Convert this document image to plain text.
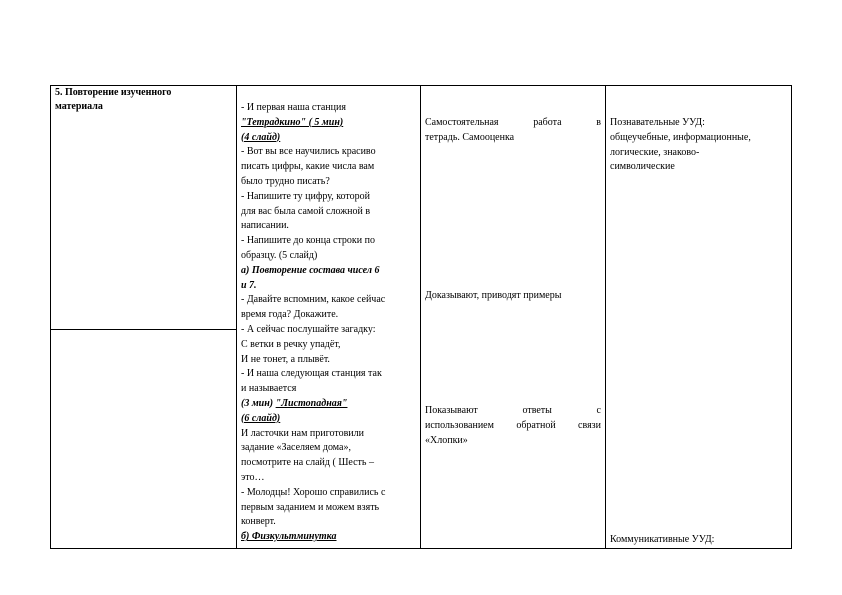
5. Повторение изученного

материала	- И первая наша станция

"Тетрадкино" ( 5 мин)

(4 слайд)

- Вот вы все научились красиво

писать цифры, какие числа вам

было трудно писать?

- Напишите ту цифру, которой

для вас была самой сложной в

написании.

- Напишите до конца строки по

образцу. (5 слайд)

а) Повторение состава чисел 6

и 7.

- Давайте вспомним, какое сейчас

время года? Докажите.

- А сейчас послушайте загадку:

С ветки в речку упадёт,

И не тонет, а плывёт.

- И наша следующая станция так

и называется

(3 мин) "Листопадная"

(6 слайд)

И ласточки нам приготовили

задание «Заселяем дома»,

посмотрите на слайд ( Шесть –

это…

- Молодцы! Хорошо справились с

первым заданием и можем взять

конверт.

б) Физкультминутка

Самостоятельная работа в

тетрадь. Самооценка

Доказывают, приводят примеры

Показывают ответы с

использованием обратной связи

«Хлопки»

Познавательные УУД:

общеучебные, информационные,

логические, знаково-

символические

Коммуникативные УУД:
